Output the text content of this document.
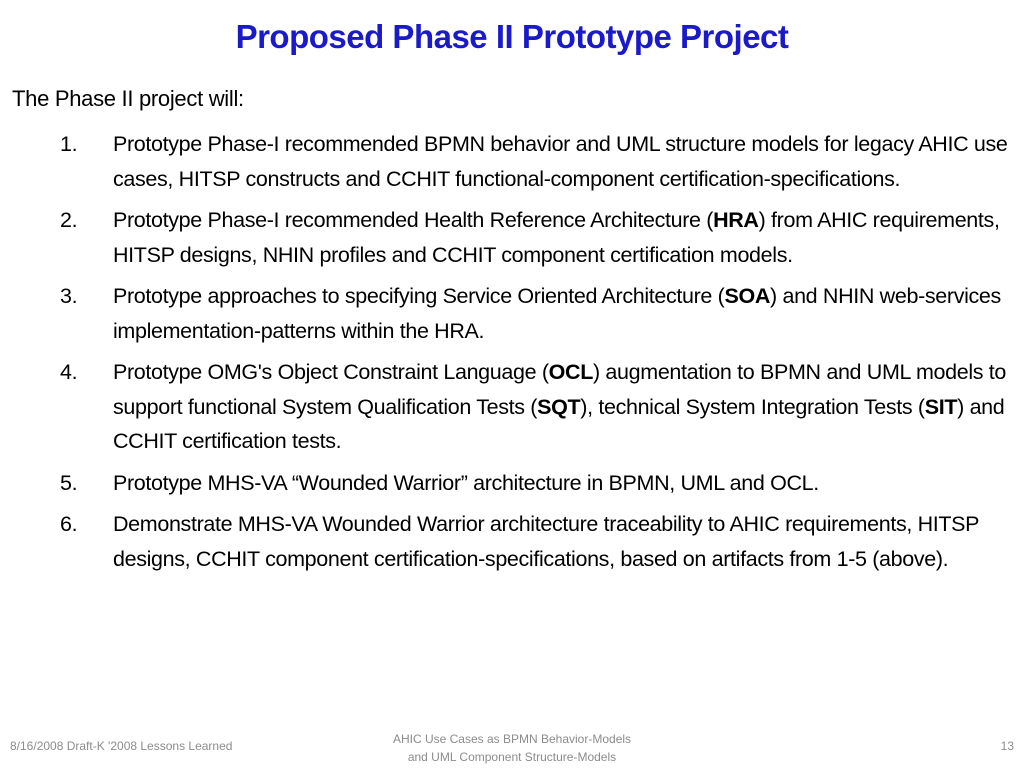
Proposed Phase II Prototype Project
The Phase II project will:
1. Prototype Phase-I recommended BPMN behavior and UML structure models for legacy AHIC use cases, HITSP constructs and CCHIT functional-component certification-specifications.
2. Prototype Phase-I recommended Health Reference Architecture (HRA) from AHIC requirements, HITSP designs, NHIN profiles and CCHIT component certification models.
3. Prototype approaches to specifying Service Oriented Architecture (SOA) and NHIN web-services implementation-patterns within the HRA.
4. Prototype OMG's Object Constraint Language (OCL) augmentation to BPMN and UML models to support functional System Qualification Tests (SQT), technical System Integration Tests (SIT) and CCHIT certification tests.
5. Prototype MHS-VA “Wounded Warrior” architecture in BPMN, UML and OCL.
6. Demonstrate MHS-VA Wounded Warrior architecture traceability to AHIC requirements, HITSP designs, CCHIT component certification-specifications, based on artifacts from 1-5 (above).
8/16/2008 Draft-K '2008 Lessons Learned	AHIC Use Cases as BPMN Behavior-Models
and UML Component Structure-Models
13
